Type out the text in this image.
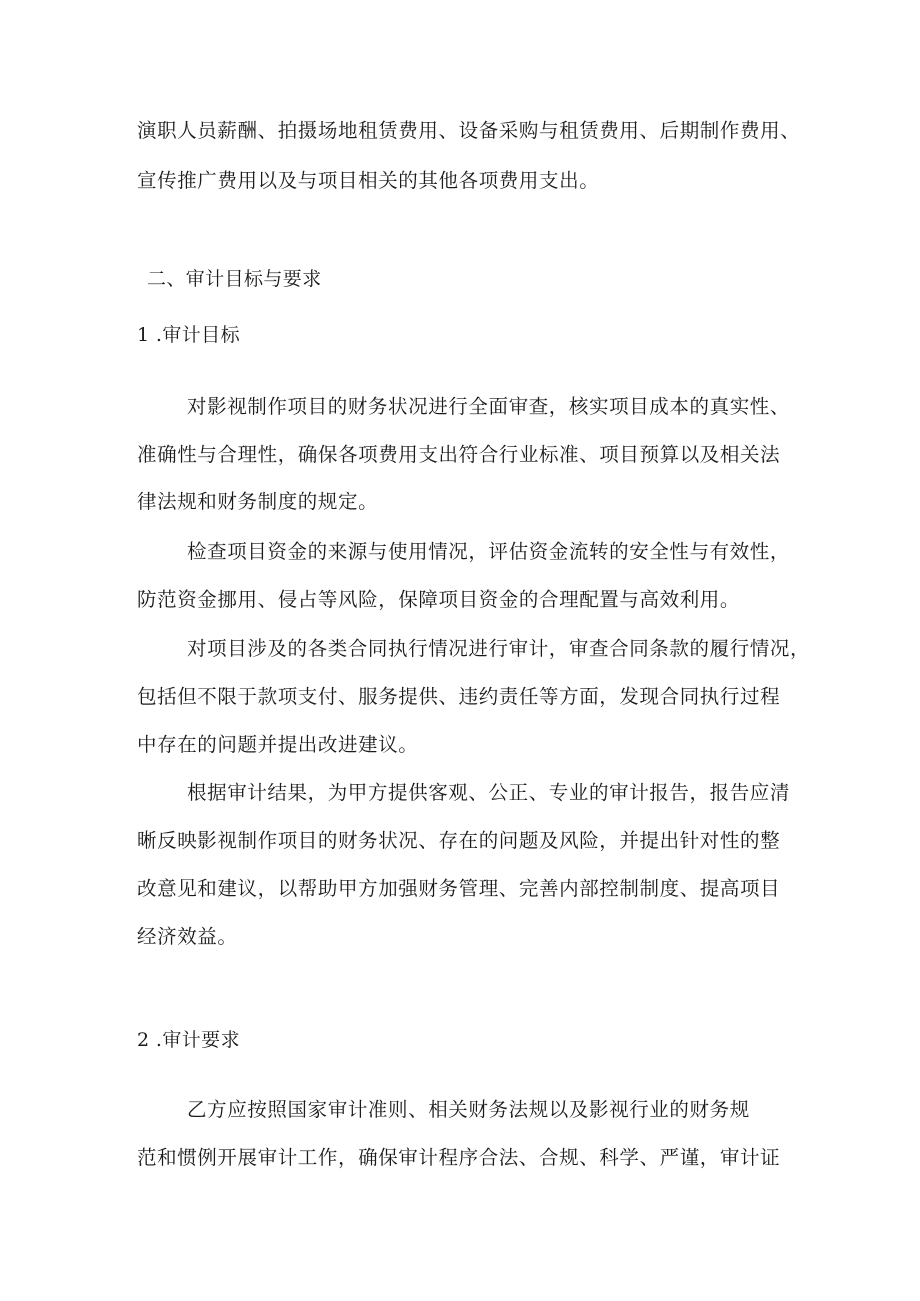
演职人员薪酬、拍摄场地租赁费用、设备采购与租赁费用、后期制作费用、
宣传推广费用以及与项目相关的其他各项费用支出。
二、审计目标与要求
1 .审计目标
对影视制作项目的财务状况进行全面审查，核实项目成本的真实性、
准确性与合理性，确保各项费用支出符合行业标准、项目预算以及相关法
律法规和财务制度的规定。
检查项目资金的来源与使用情况，评估资金流转的安全性与有效性，
防范资金挪用、侵占等风险，保障项目资金的合理配置与高效利用。
对项目涉及的各类合同执行情况进行审计，审查合同条款的履行情况，
包括但不限于款项支付、服务提供、违约责任等方面，发现合同执行过程
中存在的问题并提出改进建议。
根据审计结果，为甲方提供客观、公正、专业的审计报告，报告应清
晰反映影视制作项目的财务状况、存在的问题及风险，并提出针对性的整
改意见和建议，以帮助甲方加强财务管理、完善内部控制制度、提高项目
经济效益。
2 .审计要求
乙方应按照国家审计准则、相关财务法规以及影视行业的财务规
范和惯例开展审计工作，确保审计程序合法、合规、科学、严谨，审计证
